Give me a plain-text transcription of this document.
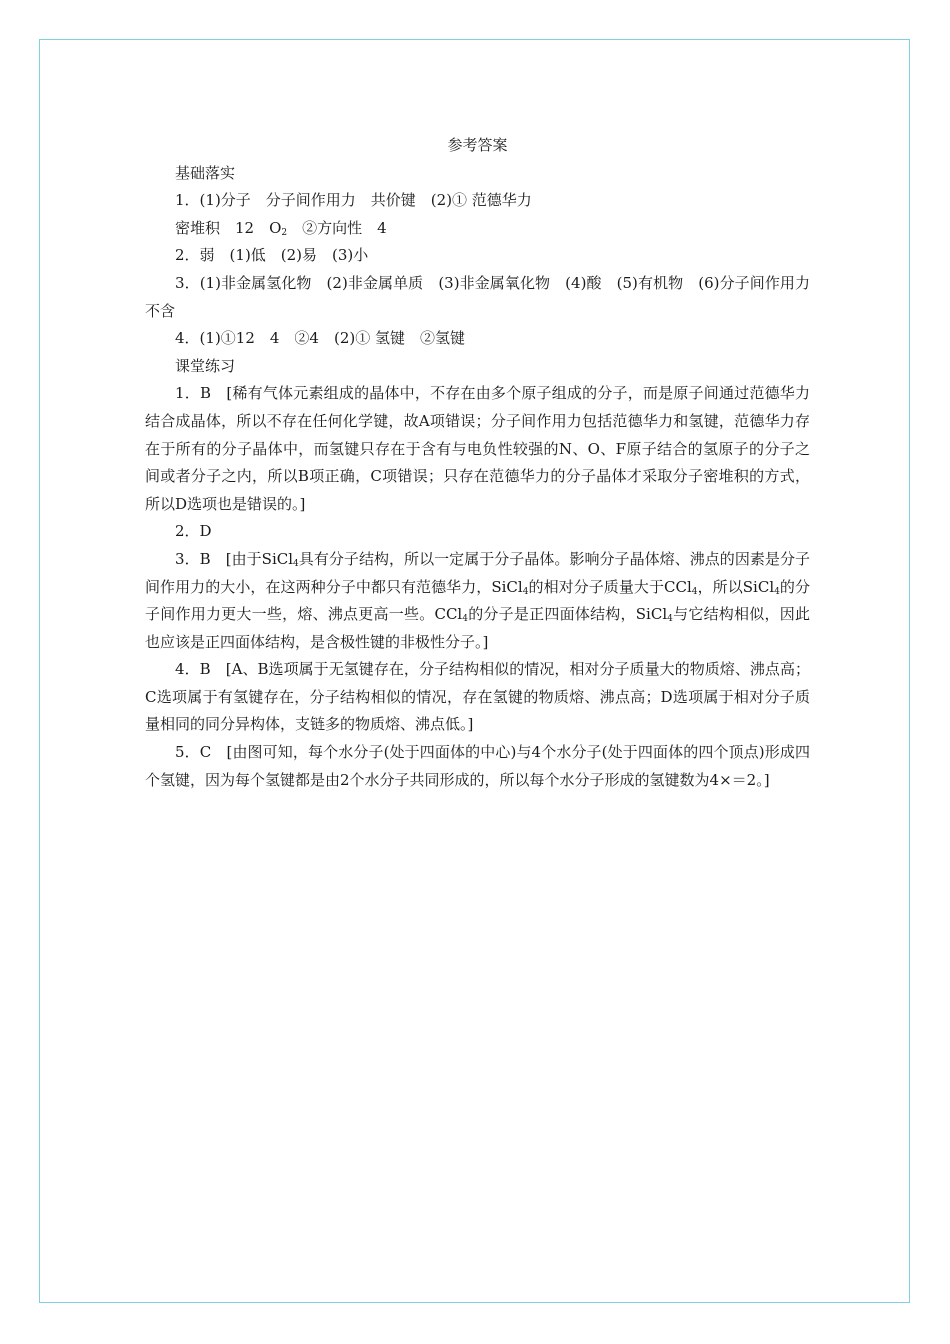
参考答案

基础落实

1．(1)分子　分子间作用力　共价键　(2)① 范德华力

密堆积　12　$O_2$　②方向性　4

2．弱　(1)低　(2)易　(3)小

3．(1)非金属氢化物　(2)非金属单质　(3)非金属氧化物　(4)酸　(5)有机物　(6)分子间作用力　不含

4．(1)①12　4　②4　(2)① 氢键　②氢键

课堂练习

1．B　[稀有气体元素组成的晶体中，不存在由多个原子组成的分子，而是原子间通过范德华力结合成晶体，所以不存在任何化学键，故A项错误；分子间作用力包括范德华力和氢键，范德华力存在于所有的分子晶体中，而氢键只存在于含有与电负性较强的N、O、F原子结合的氢原子的分子之间或者分子之内，所以B项正确，C项错误；只存在范德华力的分子晶体才采取分子密堆积的方式，所以D选项也是错误的。]

2．D

3．B　[由于SiCl$_4$具有分子结构，所以一定属于分子晶体。影响分子晶体熔、沸点的因素是分子间作用力的大小，在这两种分子中都只有范德华力，SiCl$_4$的相对分子质量大于CCl$_4$，所以SiCl$_4$的分子间作用力更大一些，熔、沸点更高一些。CCl$_4$的分子是正四面体结构，SiCl$_4$与它结构相似，因此也应该是正四面体结构，是含极性键的非极性分子。]

4．B　[A、B选项属于无氢键存在，分子结构相似的情况，相对分子质量大的物质熔、沸点高；C选项属于有氢键存在，分子结构相似的情况，存在氢键的物质熔、沸点高；D选项属于相对分子质量相同的同分异构体，支链多的物质熔、沸点低。]

5．C　[由图可知，每个水分子(处于四面体的中心)与4个水分子(处于四面体的四个顶点)形成四个氢键，因为每个氢键都是由2个水分子共同形成的，所以每个水分子形成的氢键数为4×＝2。]
